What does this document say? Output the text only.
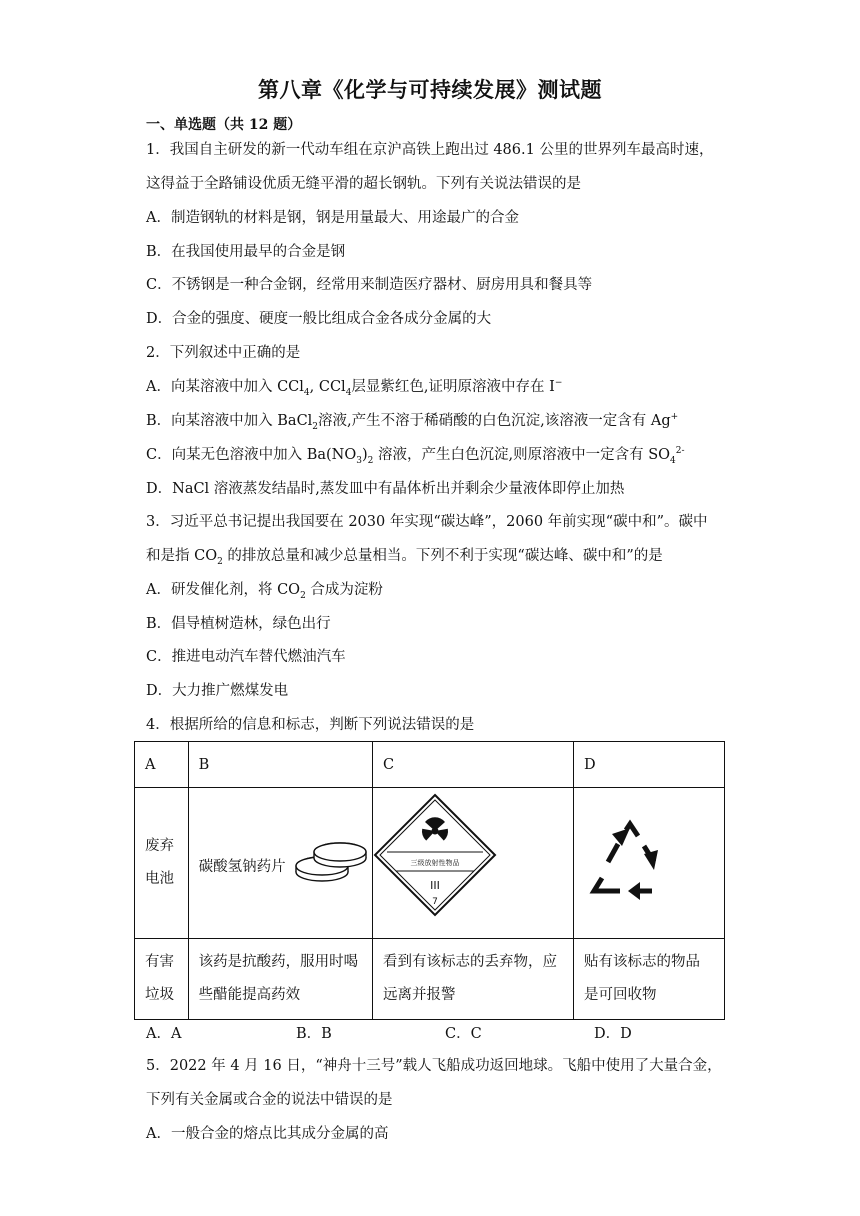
第八章《化学与可持续发展》测试题
一、单选题（共 12 题）
1．我国自主研发的新一代动车组在京沪高铁上跑出过 486.1 公里的世界列车最高时速，
这得益于全路铺设优质无缝平滑的超长钢轨。下列有关说法错误的是
A．制造钢轨的材料是钢，钢是用量最大、用途最广的合金
B．在我国使用最早的合金是钢
C．不锈钢是一种合金钢，经常用来制造医疗器材、厨房用具和餐具等
D．合金的强度、硬度一般比组成合金各成分金属的大
2．下列叙述中正确的是
A．向某溶液中加入 CCl$_4$, CCl$_4$层显紫红色,证明原溶液中存在 I−
B．向某溶液中加入 BaCl$_2$溶液,产生不溶于稀硝酸的白色沉淀,该溶液一定含有 Ag+
C．向某无色溶液中加入 $Ba(NO_3)_2$ 溶液，产生白色沉淀,则原溶液中一定含有 $SO_4^{2-}$
D．NaCl 溶液蒸发结晶时,蒸发皿中有晶体析出并剩余少量液体即停止加热
3．习近平总书记提出我国要在 2030 年实现“碳达峰”，2060 年前实现“碳中和”。碳中
和是指 $CO_2$ 的排放总量和减少总量相当。下列不利于实现“碳达峰、碳中和”的是
A．研发催化剂，将 $CO_2$ 合成为淀粉
B．倡导植树造林，绿色出行
C．推进电动汽车替代燃油汽车
D．大力推广燃煤发电
4．根据所给的信息和标志，判断下列说法错误的是
A	B	C	D
废弃电池	碳酸氢钠药片	三级放射性物品
III
7

有害垃圾	该药是抗酸药，服用时喝些醋能提高药效	看到有该标志的丢弃物，应远离并报警	贴有该标志的物品是可回收物
A．A	B．B	C．C	D．D
5．2022 年 4 月 16 日，“神舟十三号”载人飞船成功返回地球。飞船中使用了大量合金，
下列有关金属或合金的说法中错误的是
A．一般合金的熔点比其成分金属的高
